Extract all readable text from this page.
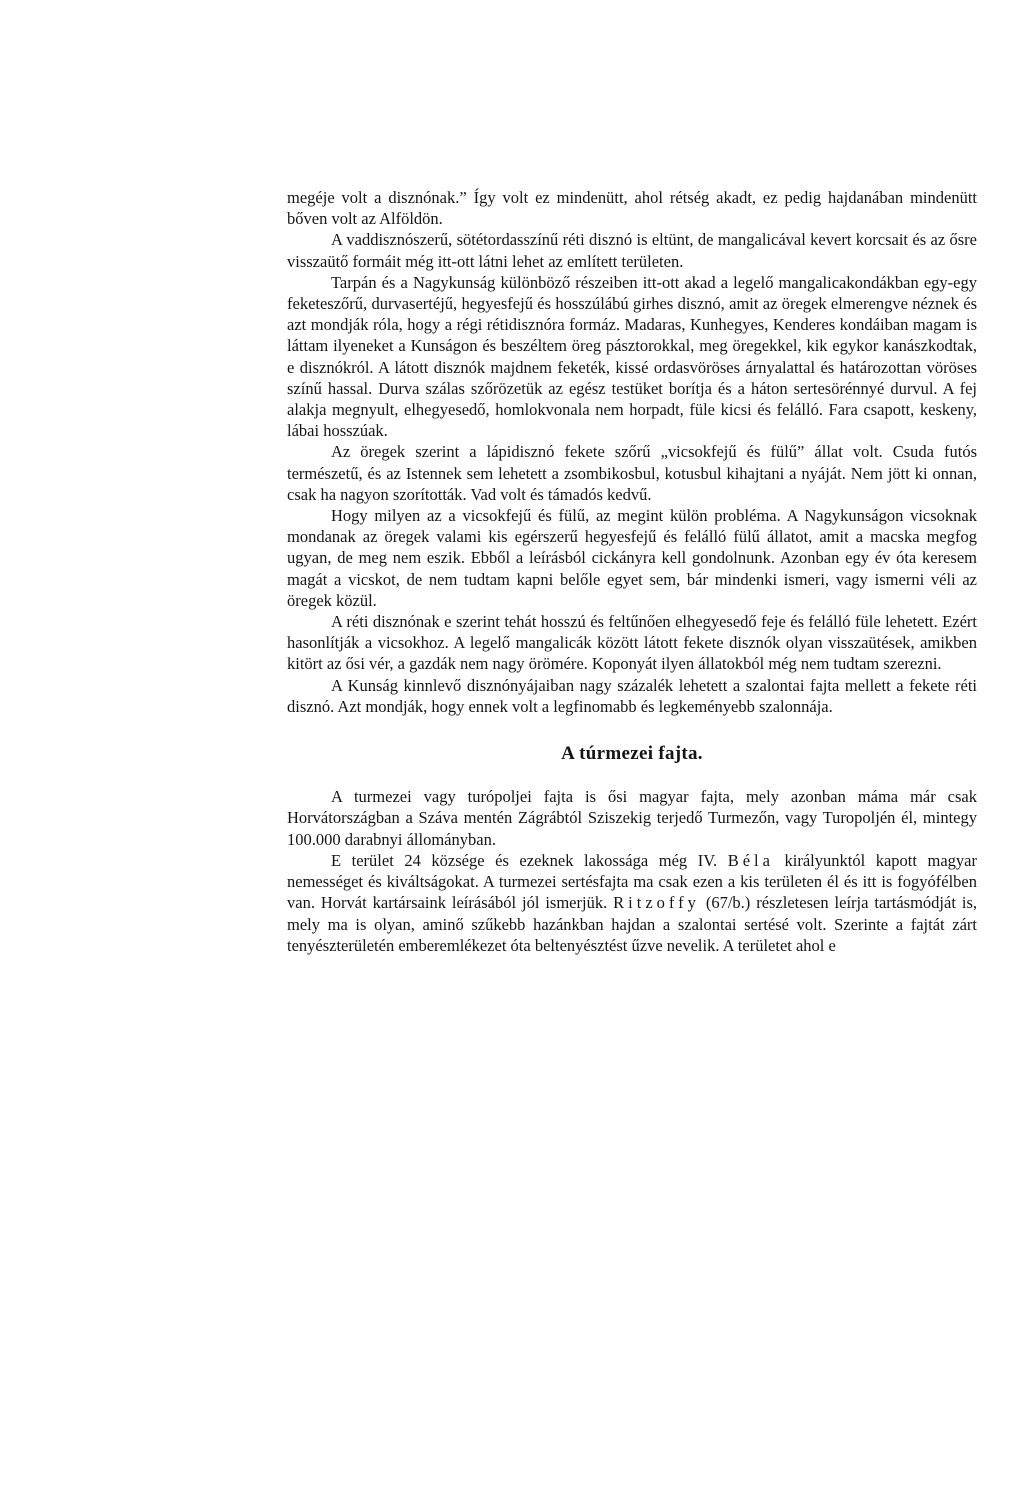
megéje volt a disznónak.” Így volt ez mindenütt, ahol rétség akadt, ez pedig hajdanában mindenütt bőven volt az Alföldön.

A vaddisznószerű, sötétordasszínű réti disznó is eltünt, de mangalicával kevert korcsait és az ősre visszaütő formáit még itt-ott látni lehet az említett területen.

Tarpán és a Nagykunság különböző részeiben itt-ott akad a legelő mangalicakondákban egy-egy feketeszőrű, durvasertéjű, hegyesfejű és hosszúlábú girhes disznó, amit az öregek elmerengve néznek és azt mondják róla, hogy a régi rétidisznóra formáz. Madaras, Kunhegyes, Kenderes kondáiban magam is láttam ilyeneket a Kunságon és beszéltem öreg pásztorokkal, meg öregekkel, kik egykor kanászkodtak, e disznókról. A látott disznók majdnem feketék, kissé ordasvöröses árnyalattal és határozottan vöröses színű hassal. Durva szálas szőrözetük az egész testüket borítja és a háton sertesörénnyé durvul. A fej alakja megnyult, elhegyesedő, homlokvonala nem horpadt, füle kicsi és felálló. Fara csapott, keskeny, lábai hosszúak.

Az öregek szerint a lápidisznó fekete szőrű „vicsokfejű és fülű” állat volt. Csuda futós természetű, és az Istennek sem lehetett a zsombikosbul, kotusbul kihajtani a nyáját. Nem jött ki onnan, csak ha nagyon szorították. Vad volt és támadós kedvű.

Hogy milyen az a vicsokfejű és fülű, az megint külön probléma. A Nagykunságon vicsoknak mondanak az öregek valami kis egérszerű hegyesfejű és felálló fülű állatot, amit a macska megfog ugyan, de meg nem eszik. Ebből a leírásból cickányra kell gondolnunk. Azonban egy év óta keresem magát a vicskot, de nem tudtam kapni belőle egyet sem, bár mindenki ismeri, vagy ismerni véli az öregek közül.

A réti disznónak e szerint tehát hosszú és feltűnően elhegyesedő feje és felálló füle lehetett. Ezért hasonlítják a vicsokhoz. A legelő mangalicák között látott fekete disznók olyan visszaütések, amikben kitört az ősi vér, a gazdák nem nagy örömére. Koponyát ilyen állatokból még nem tudtam szerezni.

A Kunság kinnlevő disznónyájaiban nagy százalék lehetett a szalontai fajta mellett a fekete réti disznó. Azt mondják, hogy ennek volt a legfinomabb és legkeményebb szalonnája.

A túrmezei fajta.

A turmezei vagy turópoljei fajta is ősi magyar fajta, mely azonban máma már csak Horvátországban a Száva mentén Zágrábtól Sziszekig terjedő Turmezőn, vagy Turopoljén él, mintegy 100.000 darabnyi állományban.

E terület 24 községe és ezeknek lakossága még IV. Béla királyunktól kapott magyar nemességet és kiváltságokat. A turmezei sertésfajta ma csak ezen a kis területen él és itt is fogyófélben van. Horvát kartársaink leírásából jól ismerjük. Ritzoffy (67/b.) részletesen leírja tartásmódját is, mely ma is olyan, aminő szűkebb hazánkban hajdan a szalontai sertésé volt. Szerinte a fajtát zárt tenyészterületén emberemlékezet óta beltenyésztést űzve nevelik. A területet ahol e
